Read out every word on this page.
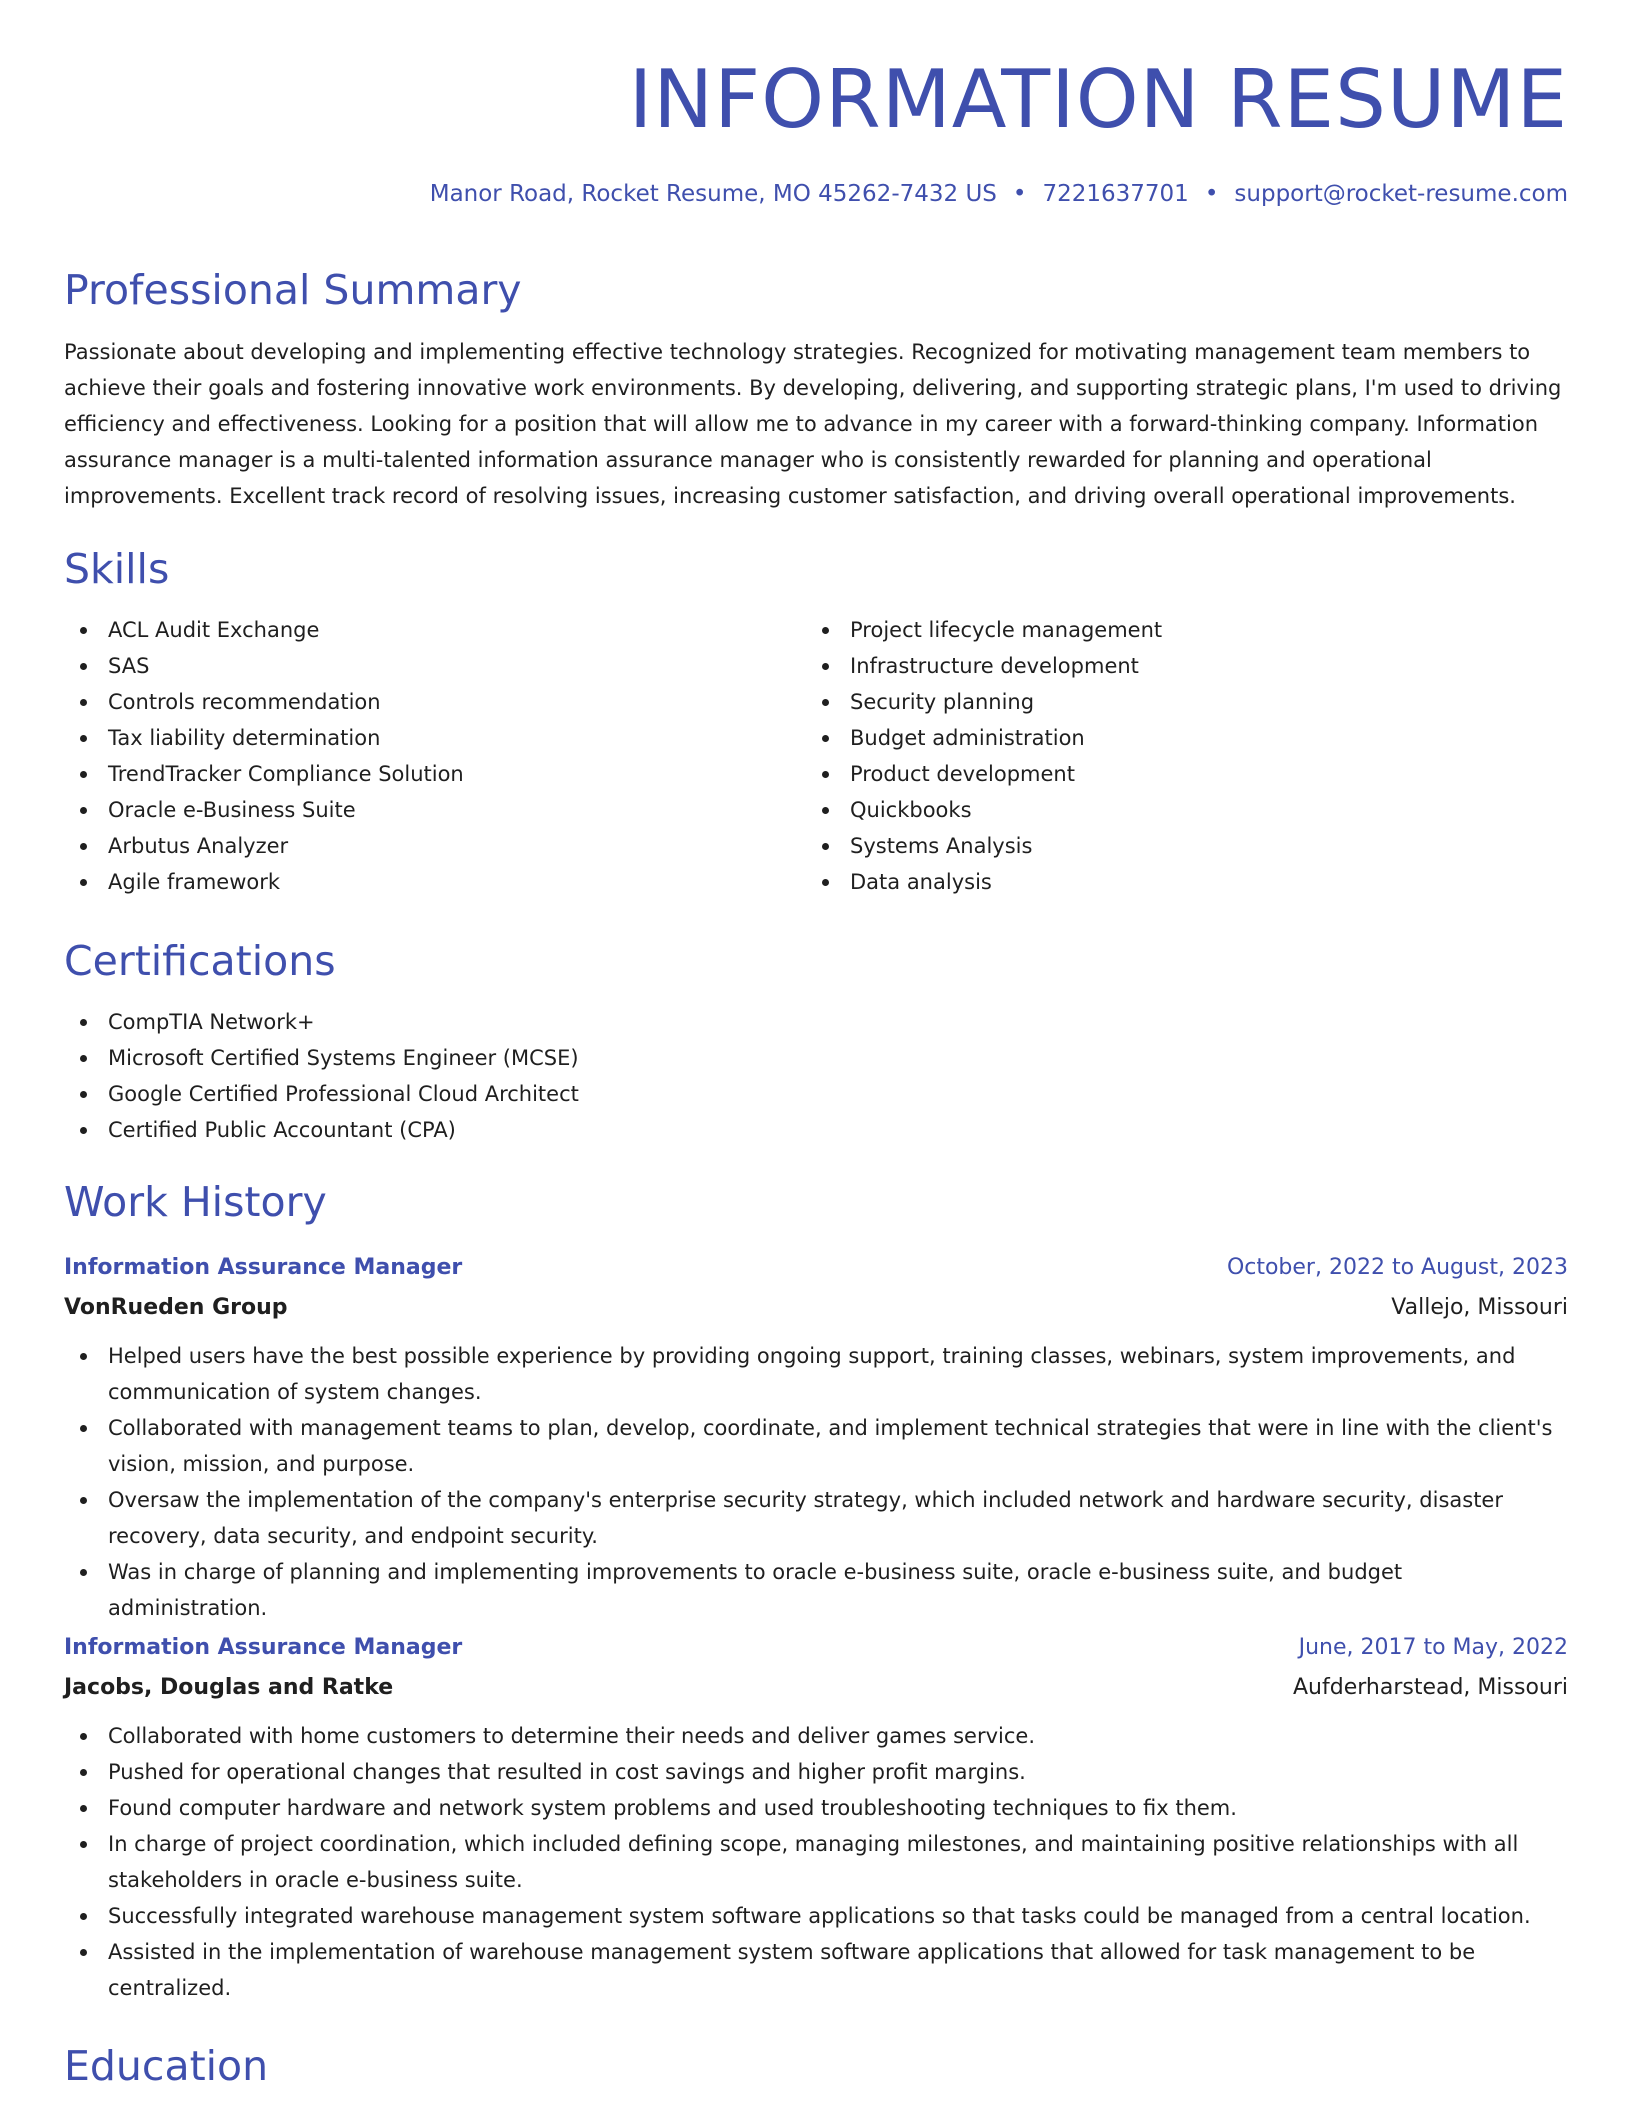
INFORMATION RESUME
Manor Road, Rocket Resume, MO 45262-7432 US • 7221637701 • support@rocket-resume.com
Professional Summary
Passionate about developing and implementing effective technology strategies. Recognized for motivating management team members to achieve their goals and fostering innovative work environments. By developing, delivering, and supporting strategic plans, I'm used to driving efficiency and effectiveness. Looking for a position that will allow me to advance in my career with a forward-thinking company. Information assurance manager is a multi-talented information assurance manager who is consistently rewarded for planning and operational improvements. Excellent track record of resolving issues, increasing customer satisfaction, and driving overall operational improvements.
Skills
ACL Audit Exchange
SAS
Controls recommendation
Tax liability determination
TrendTracker Compliance Solution
Oracle e-Business Suite
Arbutus Analyzer
Agile framework
Project lifecycle management
Infrastructure development
Security planning
Budget administration
Product development
Quickbooks
Systems Analysis
Data analysis
Certifications
CompTIA Network+
Microsoft Certified Systems Engineer (MCSE)
Google Certified Professional Cloud Architect
Certified Public Accountant (CPA)
Work History
Information Assurance Manager	October, 2022 to August, 2023
VonRueden Group	Vallejo, Missouri
Helped users have the best possible experience by providing ongoing support, training classes, webinars, system improvements, and communication of system changes.
Collaborated with management teams to plan, develop, coordinate, and implement technical strategies that were in line with the client's vision, mission, and purpose.
Oversaw the implementation of the company's enterprise security strategy, which included network and hardware security, disaster recovery, data security, and endpoint security.
Was in charge of planning and implementing improvements to oracle e-business suite, oracle e-business suite, and budget administration.
Information Assurance Manager	June, 2017 to May, 2022
Jacobs, Douglas and Ratke	Aufderharstead, Missouri
Collaborated with home customers to determine their needs and deliver games service.
Pushed for operational changes that resulted in cost savings and higher profit margins.
Found computer hardware and network system problems and used troubleshooting techniques to fix them.
In charge of project coordination, which included defining scope, managing milestones, and maintaining positive relationships with all stakeholders in oracle e-business suite.
Successfully integrated warehouse management system software applications so that tasks could be managed from a central location.
Assisted in the implementation of warehouse management system software applications that allowed for task management to be centralized.
Education
